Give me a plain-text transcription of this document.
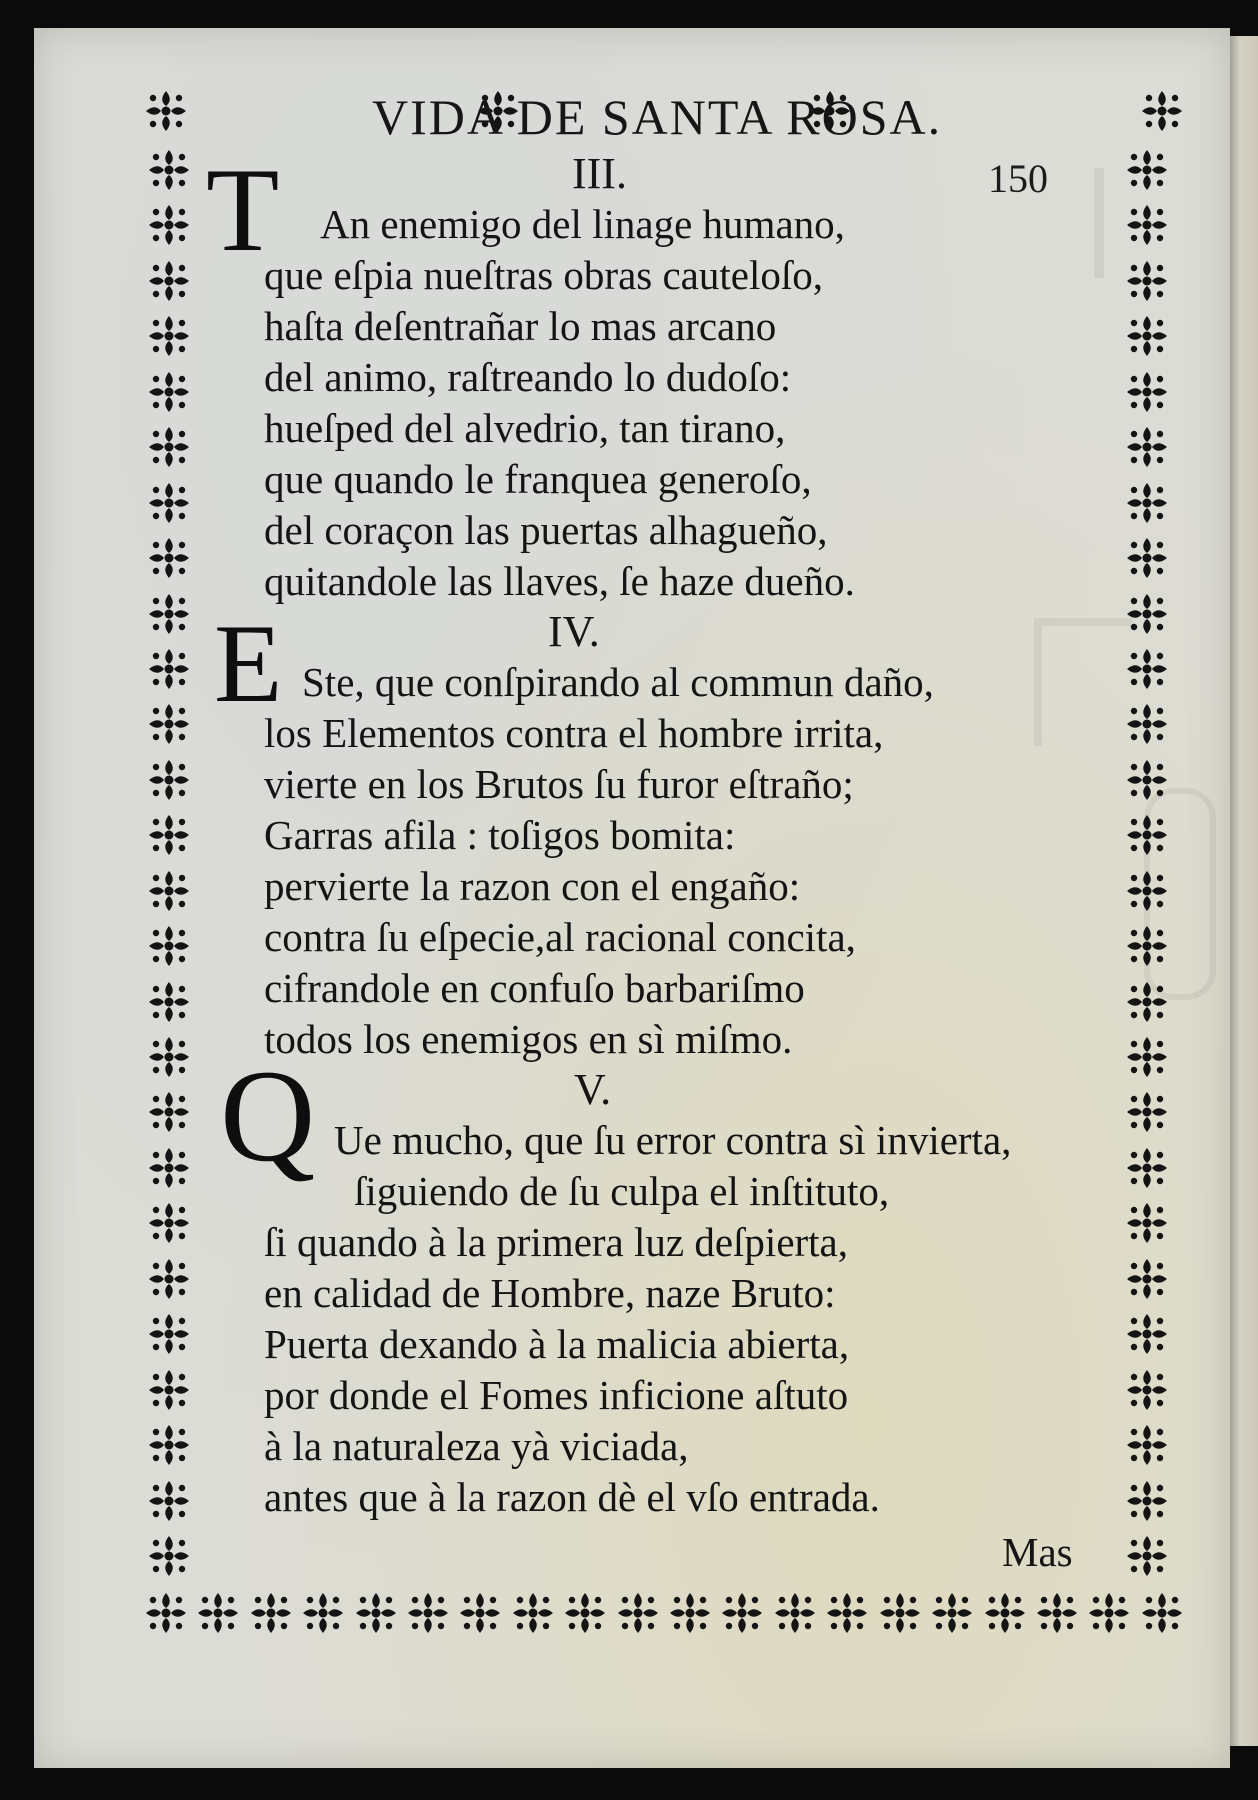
VIDA DE SANTA ROSA.
150
III.
T An enemigo del linage humano,
que eſpia nueſtras obras cauteloſo,
haſta deſentrañar lo mas arcano
del animo, raſtreando lo dudoſo:
hueſped del alvedrio, tan tirano,
que quando le franquea generoſo,
del coraçon las puertas alhagueño,
quitandole las llaves, ſe haze dueño.
IV.
E Ste, que conſpirando al commun daño,
los Elementos contra el hombre irrita,
vierte en los Brutos ſu furor eſtraño;
Garras afila : toſigos bomita:
pervierte la razon con el engaño:
contra ſu eſpecie,al racional concita,
cifrandole en confuſo barbariſmo
todos los enemigos en sì miſmo.
V.
Q Ue mucho, que ſu error contra sì invierta,
ſiguiendo de ſu culpa el inſtituto,
ſi quando à la primera luz deſpierta,
en calidad de Hombre, naze Bruto:
Puerta dexando à la malicia abierta,
por donde el Fomes inficione aſtuto
à la naturaleza yà viciada,
antes que à la razon dè el vſo entrada.
Mas
